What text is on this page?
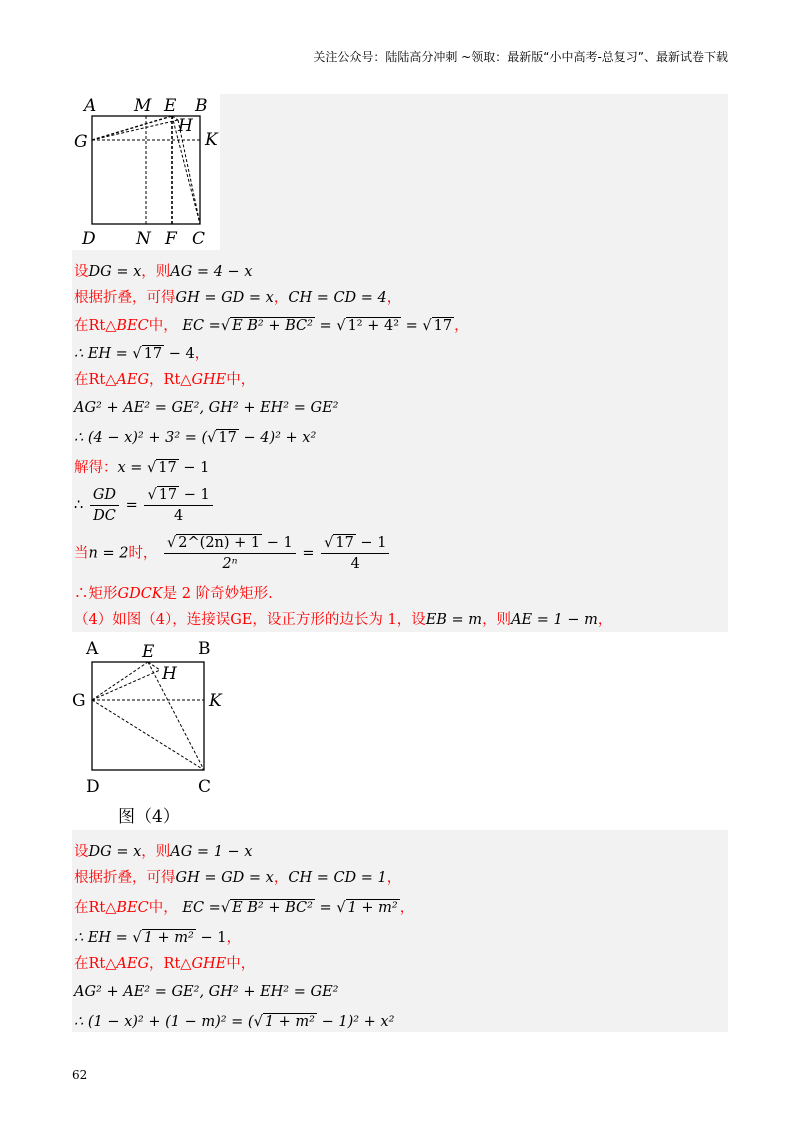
关注公众号：陆陆高分冲刺 ~领取：最新版“小中高考-总复习”、最新试卷下载
A M E B
H
G	K
D N F C
设DG = x，则AG = 4 − x
根据折叠，可得GH = GD = x，CH = CD = 4，
在Rt△BEC中， EC =√ E B² + BC² = √ 1² + 4² = √ 17 ，
∴ EH = √ 17 − 4，
在Rt△AEG，Rt△GHE中，
AG² + AE² = GE², GH² + EH² = GE²
∴ (4 − x)² + 3² = (√ 17 − 4)² + x²
解得：x = √ 17 − 1
∴ $\frac{GD}{DC} = \frac{√ 17 - 1}{4}$
当n = 2时， $\frac{√ 2\^{}(2n) + 1 - 1}{\text{2ⁿ}} = \frac{√ 17 - 1}{4}$
∴矩形GDCK是 2 阶奇妙矩形.
（4）如图（4），连接误GE，设正方形的边长为 1，设EB = m，则AE = 1 − m，
A	E	B
H
G	K
D	C
图（4）
设DG = x，则AG = 1 − x
根据折叠，可得GH = GD = x，CH = CD = 1，
在Rt△BEC中， EC =√ E B² + BC² = √ 1 + m² ，
∴ EH = √ 1 + m² − 1，
在Rt△AEG，Rt△GHE中，
AG² + AE² = GE², GH² + EH² = GE²
∴ (1 − x)² + (1 − m)² = (√ 1 + m² − 1)² + x²
62
